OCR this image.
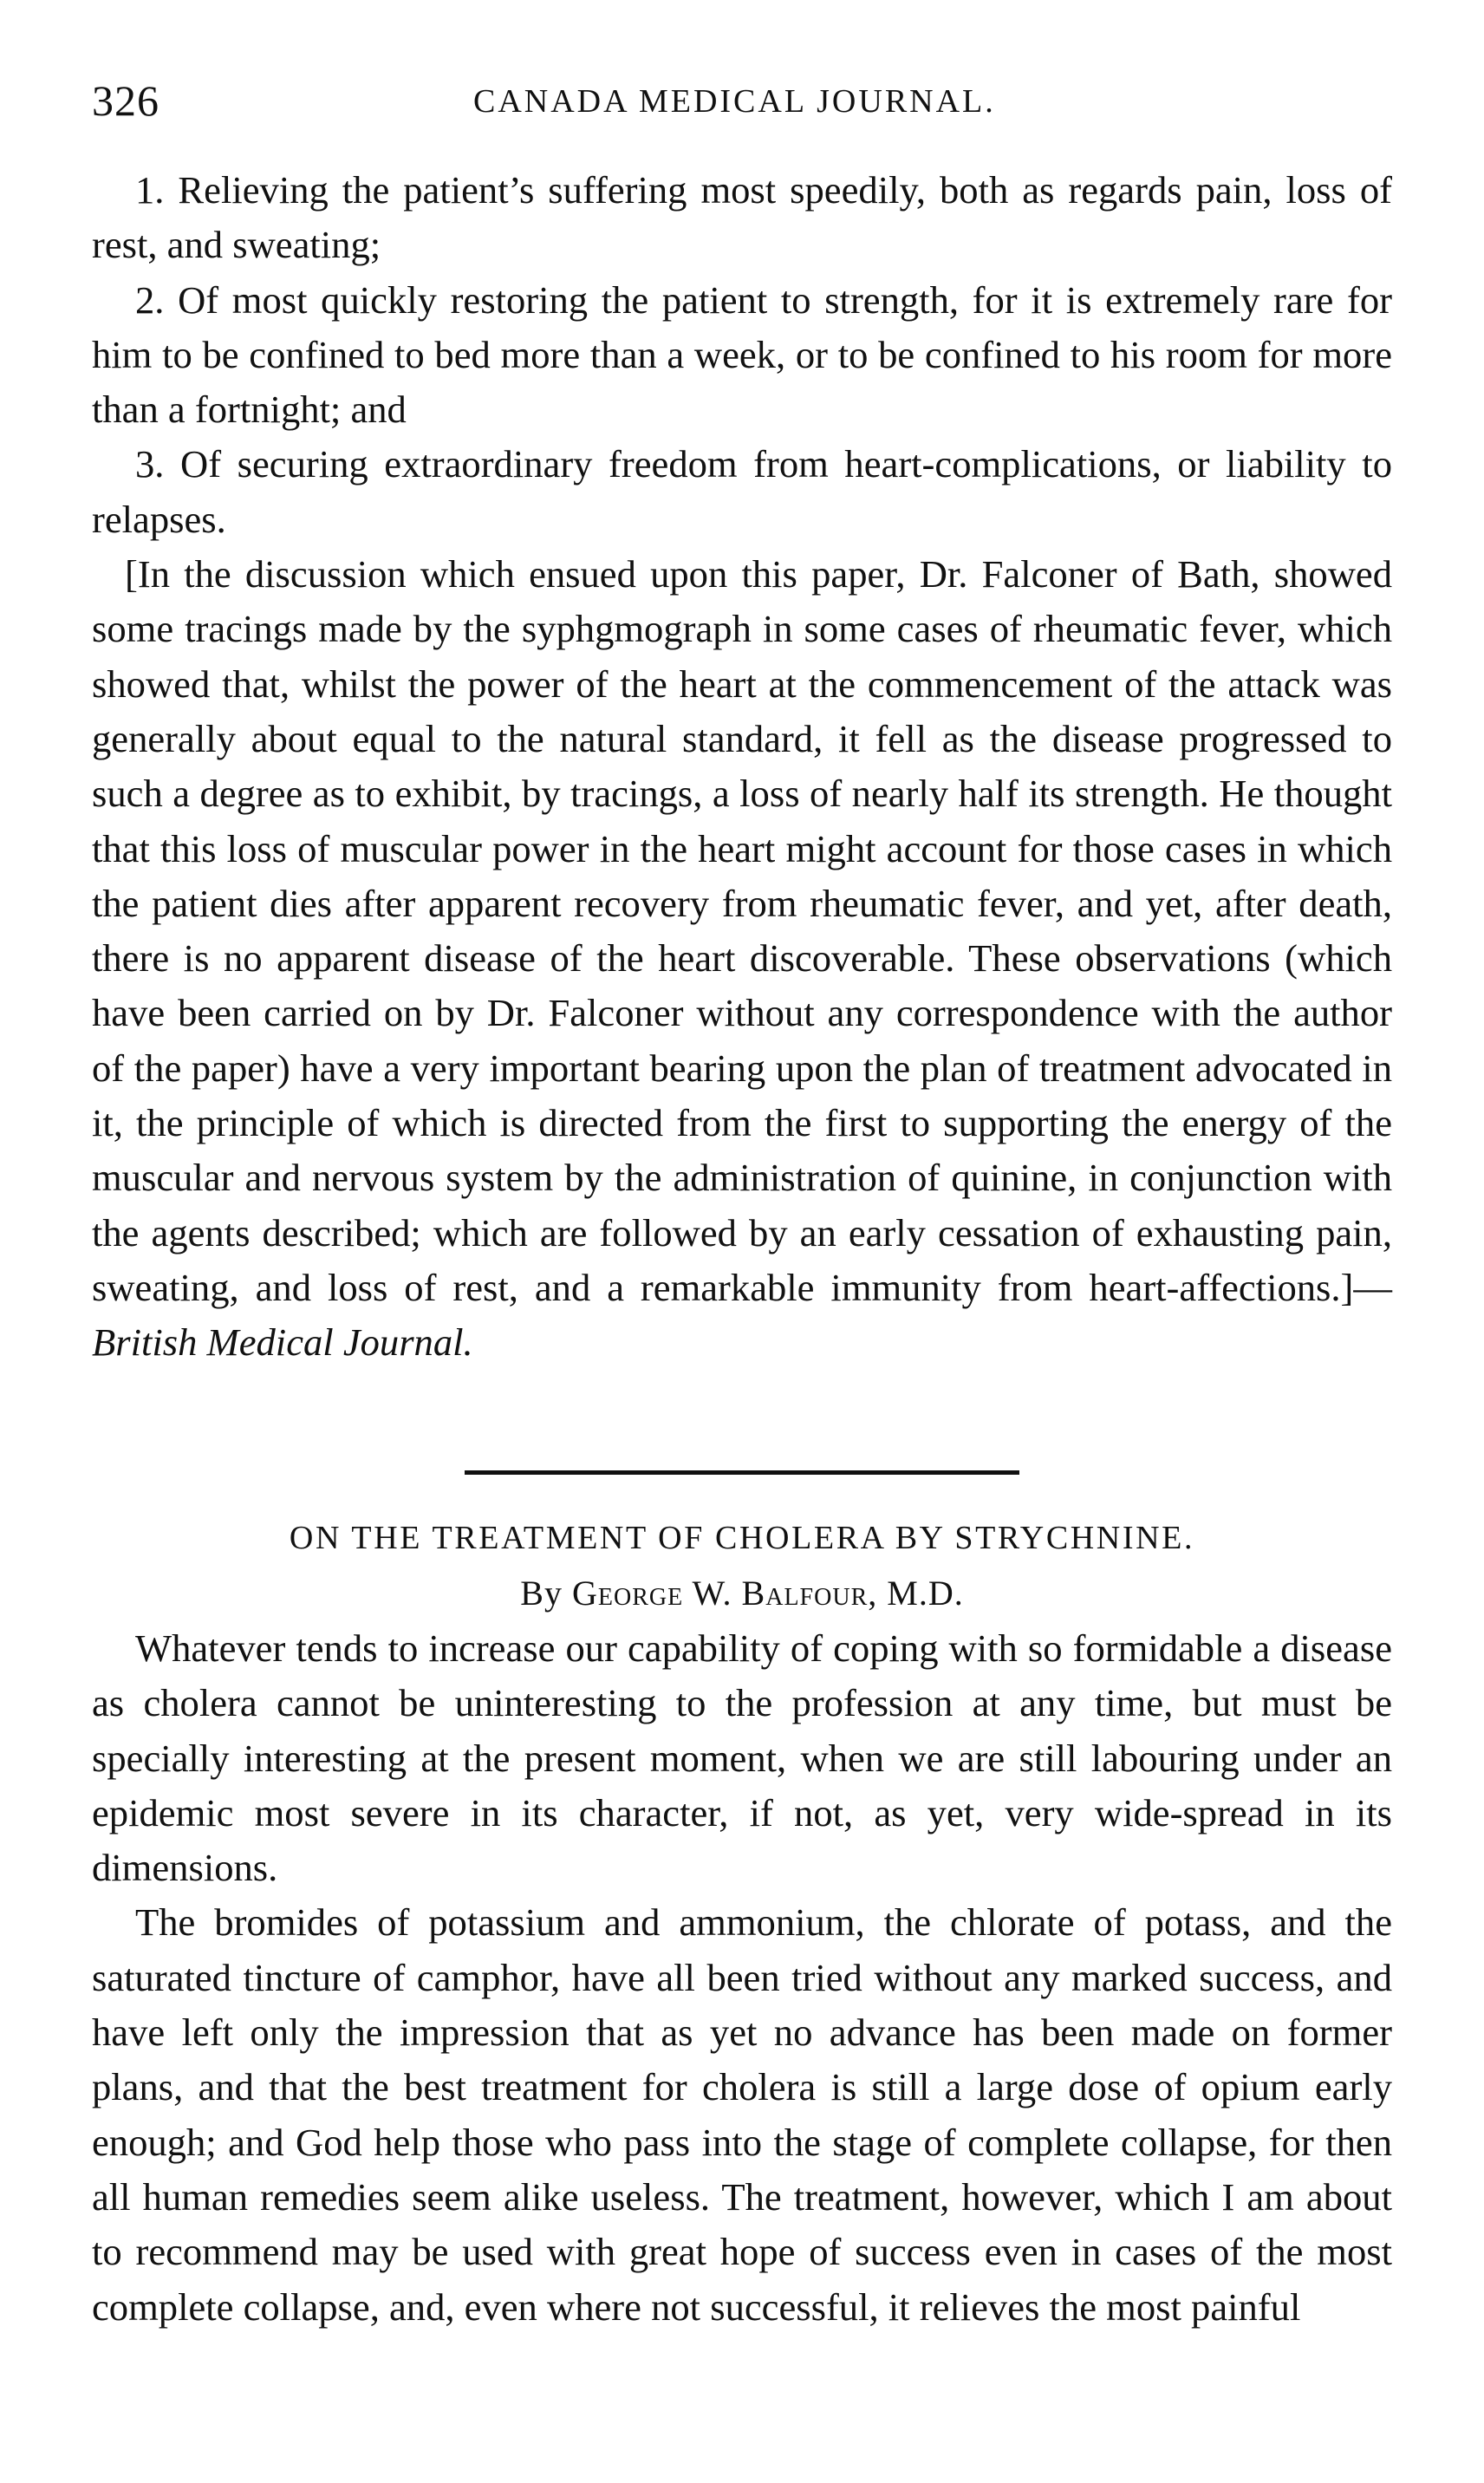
326	CANADA MEDICAL JOURNAL.

1. Relieving the patient’s suffering most speedily, both as regards pain, loss of rest, and sweating;

2. Of most quickly restoring the patient to strength, for it is extremely rare for him to be confined to bed more than a week, or to be confined to his room for more than a fortnight; and

3. Of securing extraordinary freedom from heart-complications, or liability to relapses.

[In the discussion which ensued upon this paper, Dr. Falconer of Bath, showed some tracings made by the syphgmograph in some cases of rheumatic fever, which showed that, whilst the power of the heart at the commencement of the attack was generally about equal to the natural standard, it fell as the disease progressed to such a degree as to exhibit, by tracings, a loss of nearly half its strength. He thought that this loss of muscular power in the heart might account for those cases in which the patient dies after apparent recovery from rheumatic fever, and yet, after death, there is no apparent disease of the heart discoverable. These observations (which have been carried on by Dr. Falconer without any correspondence with the author of the paper) have a very important bearing upon the plan of treatment advocated in it, the principle of which is directed from the first to supporting the energy of the muscular and nervous system by the administration of quinine, in conjunction with the agents described; which are followed by an early cessation of exhausting pain, sweating, and loss of rest, and a remarkable immunity from heart-affections.]—British Medical Journal.

ON THE TREATMENT OF CHOLERA BY STRYCHNINE.

By George W. Balfour, M.D.

Whatever tends to increase our capability of coping with so formidable a disease as cholera cannot be uninteresting to the profession at any time, but must be specially interesting at the present moment, when we are still labouring under an epidemic most severe in its character, if not, as yet, very wide-spread in its dimensions.

The bromides of potassium and ammonium, the chlorate of potass, and the saturated tincture of camphor, have all been tried without any marked success, and have left only the impression that as yet no advance has been made on former plans, and that the best treatment for cholera is still a large dose of opium early enough; and God help those who pass into the stage of complete collapse, for then all human remedies seem alike useless. The treatment, however, which I am about to recommend may be used with great hope of success even in cases of the most complete collapse, and, even where not successful, it relieves the most painful
